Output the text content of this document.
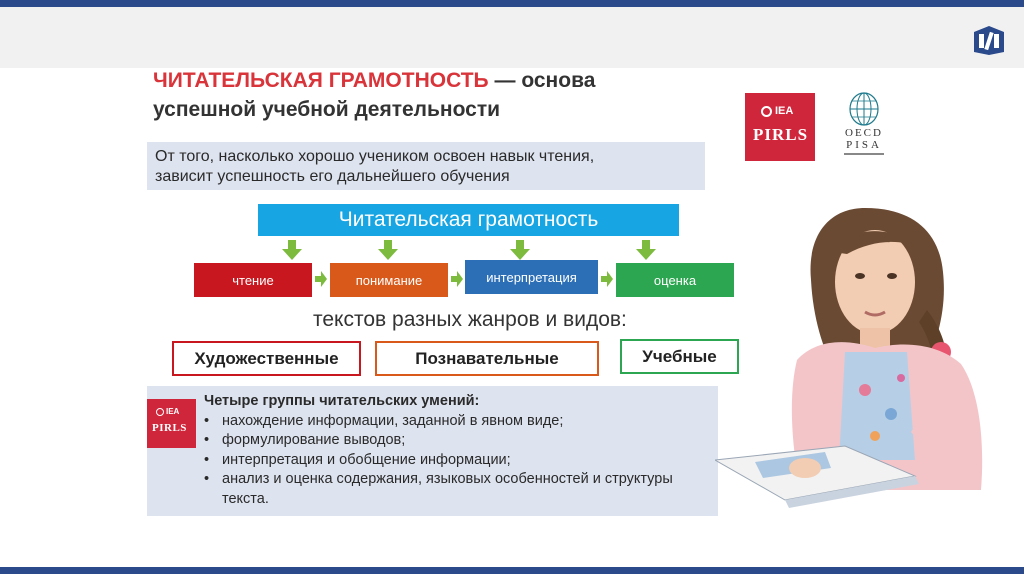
ЧИТАТЕЛЬСКАЯ ГРАМОТНОСТЬ — основа
успешной учебной деятельности	IEA
PIRLS	OECD
PISA
От того, насколько хорошо учеником освоен навык чтения,
зависит успешность его дальнейшего обучения
Читательская грамотность
чтение	понимание	интерпретация	оценка
текстов разных жанров и видов:
Художественные	Познавательные	Учебные
IEA
PIRLS
Четыре группы читательских умений:
• нахождение информации, заданной в явном виде;
• формулирование выводов;
• интерпретация и обобщение информации;
• анализ и оценка содержания, языковых особенностей и структуры текста.
